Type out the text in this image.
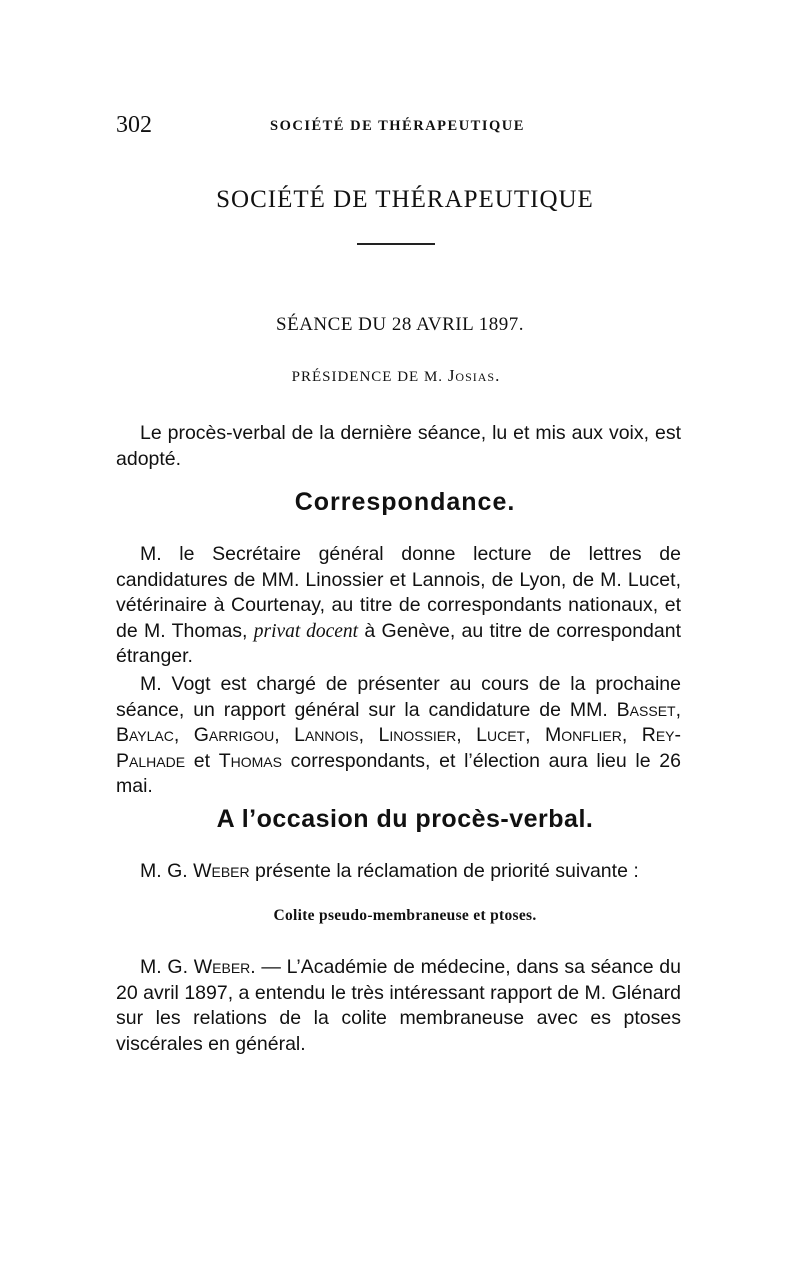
302	SOCIÉTÉ DE THÉRAPEUTIQUE
SOCIÉTÉ DE THÉRAPEUTIQUE
SÉANCE DU 28 AVRIL 1897.
PRÉSIDENCE DE M. Josias.
Le procès-verbal de la dernière séance, lu et mis aux voix, est adopté.
Correspondance.
M. le Secrétaire général donne lecture de lettres de candidatures de MM. Linossier et Lannois, de Lyon, de M. Lucet, vétérinaire à Courtenay, au titre de correspondants nationaux, et de M. Thomas, privat docent à Genève, au titre de correspondant étranger.
M. Vogt est chargé de présenter au cours de la prochaine séance, un rapport général sur la candidature de MM. Basset, Baylac, Garrigou, Lannois, Linossier, Lucet, Monflier, Rey-Palhade et Thomas correspondants, et l’élection aura lieu le 26 mai.
A l’occasion du procès-verbal.
M. G. Weber présente la réclamation de priorité suivante :
Colite pseudo-membraneuse et ptoses.
M. G. Weber. — L’Académie de médecine, dans sa séance du 20 avril 1897, a entendu le très intéressant rapport de M. Glénard sur les relations de la colite membraneuse avec es ptoses viscérales en général.
